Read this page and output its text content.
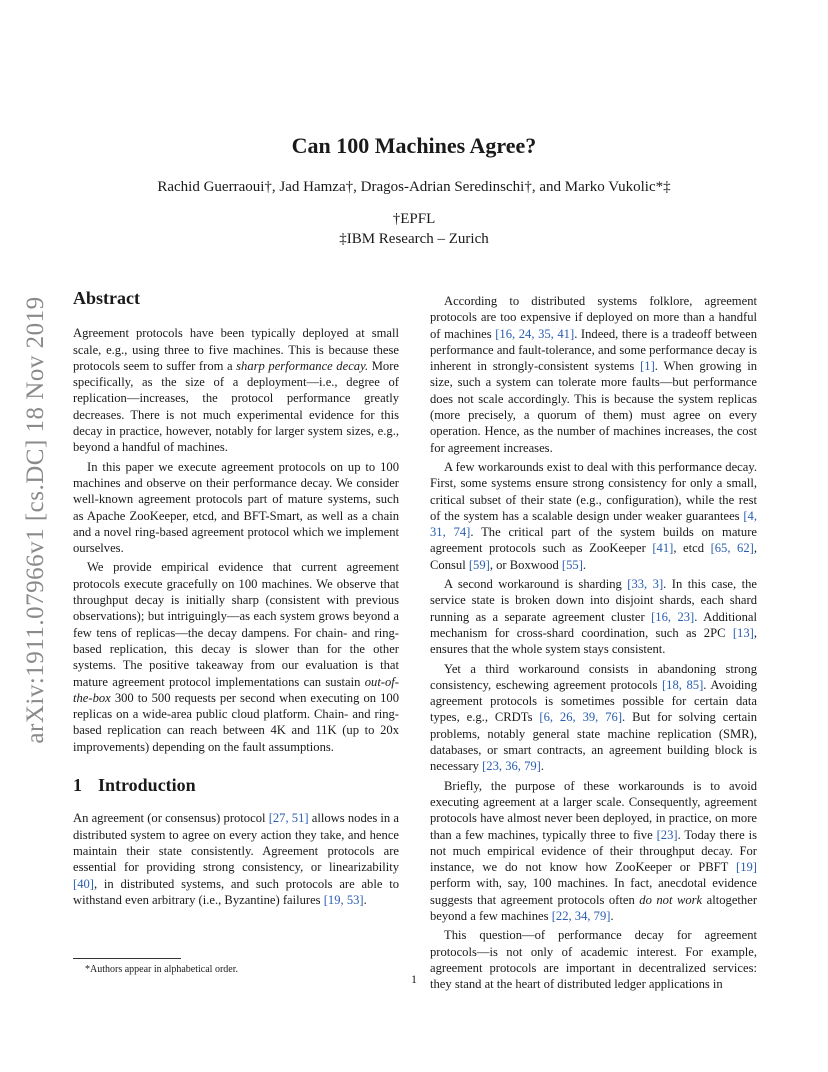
arXiv:1911.07966v1 [cs.DC] 18 Nov 2019
Can 100 Machines Agree?
Rachid Guerraoui†, Jad Hamza†, Dragos-Adrian Seredinschi†, and Marko Vukolic*‡
†EPFL
‡IBM Research – Zurich
Abstract

Agreement protocols have been typically deployed at small scale, e.g., using three to five machines. This is because these protocols seem to suffer from a sharp performance decay. More specifically, as the size of a deployment—i.e., degree of replication—increases, the protocol performance greatly decreases. There is not much experimental evidence for this decay in practice, however, notably for larger system sizes, e.g., beyond a handful of machines.

In this paper we execute agreement protocols on up to 100 machines and observe on their performance decay. We consider well-known agreement protocols part of mature systems, such as Apache ZooKeeper, etcd, and BFT-Smart, as well as a chain and a novel ring-based agreement protocol which we implement ourselves.

We provide empirical evidence that current agreement protocols execute gracefully on 100 machines. We observe that throughput decay is initially sharp (consistent with previous observations); but intriguingly—as each system grows beyond a few tens of replicas—the decay dampens. For chain- and ring-based replication, this decay is slower than for the other systems. The positive takeaway from our evaluation is that mature agreement protocol implementations can sustain out-of-the-box 300 to 500 requests per second when executing on 100 replicas on a wide-area public cloud platform. Chain- and ring-based replication can reach between 4K and 11K (up to 20x improvements) depending on the fault assumptions.

1 Introduction

An agreement (or consensus) protocol [27, 51] allows nodes in a distributed system to agree on every action they take, and hence maintain their state consistently. Agreement protocols are essential for providing strong consistency, or linearizability [40], in distributed systems, and such protocols are able to withstand even arbitrary (i.e., Byzantine) failures [19, 53].

According to distributed systems folklore, agreement protocols are too expensive if deployed on more than a handful of machines [16, 24, 35, 41]. Indeed, there is a tradeoff between performance and fault-tolerance, and some performance decay is inherent in strongly-consistent systems [1]. When growing in size, such a system can tolerate more faults—but performance does not scale accordingly. This is because the system replicas (more precisely, a quorum of them) must agree on every operation. Hence, as the number of machines increases, the cost for agreement increases.

A few workarounds exist to deal with this performance decay. First, some systems ensure strong consistency for only a small, critical subset of their state (e.g., configuration), while the rest of the system has a scalable design under weaker guarantees [4, 31, 74]. The critical part of the system builds on mature agreement protocols such as ZooKeeper [41], etcd [65, 62], Consul [59], or Boxwood [55].

A second workaround is sharding [33, 3]. In this case, the service state is broken down into disjoint shards, each shard running as a separate agreement cluster [16, 23]. Additional mechanism for cross-shard coordination, such as 2PC [13], ensures that the whole system stays consistent.

Yet a third workaround consists in abandoning strong consistency, eschewing agreement protocols [18, 85]. Avoiding agreement protocols is sometimes possible for certain data types, e.g., CRDTs [6, 26, 39, 76]. But for solving certain problems, notably general state machine replication (SMR), databases, or smart contracts, an agreement building block is necessary [23, 36, 79].

Briefly, the purpose of these workarounds is to avoid executing agreement at a larger scale. Consequently, agreement protocols have almost never been deployed, in practice, on more than a few machines, typically three to five [23]. Today there is not much empirical evidence of their throughput decay. For instance, we do not know how ZooKeeper or PBFT [19] perform with, say, 100 machines. In fact, anecdotal evidence suggests that agreement protocols often do not work altogether beyond a few machines [22, 34, 79].

This question—of performance decay for agreement protocols—is not only of academic interest. For example, agreement protocols are important in decentralized services: they stand at the heart of distributed ledger applications in

*Authors appear in alphabetical order.
1
